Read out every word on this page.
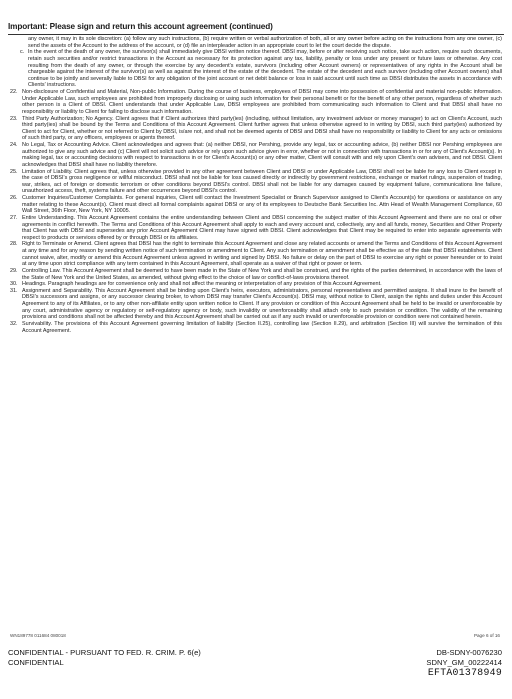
Important: Please sign and return this account agreement (continued)
any owner, it may in its sole discretion: (a) follow any such instructions, (b) require written or verbal authorization of both, all or any owner before acting on the instructions from any one owner, (c) send the assets of the Account to the address of the account, or (d) file an interpleader action in an appropriate court to let the court decide the dispute.
c. In the event of the death of any owner, the survivor(s) shall immediately give DBSI written notice thereof. DBSI may, before or after receiving such notice, take such action, require such documents, retain such securities and/or restrict transactions in the Account as necessary for its protection against any tax, liability, penalty or loss under any present or future laws or otherwise. Any cost resulting from the death of any owner, or through the exercise by any decedent's estate, survivors (including other Account owners) or representatives of any rights in the Account shall be chargeable against the interest of the survivor(s) as well as against the interest of the estate of the decedent. The estate of the decedent and each survivor (including other Account owners) shall continue to be jointly and severally liable to DBSI for any obligation of the joint account or net debit balance or loss in said account until such time as DBSI distributes the assets in accordance with Clients' instructions.
22. Non-disclosure of Confidential and Material, Non-public Information. During the course of business, employees of DBSI may come into possession of confidential and material non-public information. Under Applicable Law, such employees are prohibited from improperly disclosing or using such information for their personal benefit or for the benefit of any other person, regardless of whether such other person is a Client of DBSI. Client understands that under Applicable Law, DBSI employees are prohibited from communicating such information to Client and that DBSI shall have no responsibility or liability to Client for failing to disclose such information.
23. Third Party Authorization; No Agency. Client agrees that if Client authorizes third party(ies) (including, without limitation, any investment advisor or money manager) to act on Client's Account, such third party(ies) shall be bound by the Terms and Conditions of this Account Agreement. Client further agrees that unless otherwise agreed to in writing by DBSI, such third party(ies) authorized by Client to act for Client, whether or not referred to Client by DBSI, is/are not, and shall not be deemed agents of DBSI and DBSI shall have no responsibility or liability to Client for any acts or omissions of such third party, or any officers, employees or agents thereof.
24. No Legal, Tax or Accounting Advice. Client acknowledges and agrees that: (a) neither DBSI, nor Pershing, provide any legal, tax or accounting advice, (b) neither DBSI nor Pershing employees are authorized to give any such advice and (c) Client will not solicit such advice or rely upon such advice given in error, whether or not in connection with transactions in or for any of Client's Account(s). In making legal, tax or accounting decisions with respect to transactions in or for Client's Account(s) or any other matter, Client will consult with and rely upon Client's own advisers, and not DBSI. Client acknowledges that DBSI shall have no liability therefore.
25. Limitation of Liability. Client agrees that, unless otherwise provided in any other agreement between Client and DBSI or under Applicable Law, DBSI shall not be liable for any loss to Client except in the case of DBSI's gross negligence or willful misconduct. DBSI shall not be liable for loss caused directly or indirectly by government restrictions, exchange or market rulings, suspension of trading, war, strikes, act of foreign or domestic terrorism or other conditions beyond DBSI's control. DBSI shall not be liable for any damages caused by equipment failure, communications line failure, unauthorized access, theft, systems failure and other occurrences beyond DBSI's control.
26. Customer Inquiries/Customer Complaints. For general inquiries, Client will contact the Investment Specialist or Branch Supervisor assigned to Client's Account(s) for questions or assistance on any matter relating to these Account(s). Client must direct all formal complaints against DBSI or any of its employees to Deutsche Bank Securities Inc. Attn Head of Wealth Management Compliance, 60 Wall Street, 36th Floor, New York, NY 10005.
27. Entire Understanding. This Account Agreement contains the entire understanding between Client and DBSI concerning the subject matter of this Account Agreement and there are no oral or other agreements in conflict herewith. The Terms and Conditions of this Account Agreement shall apply to each and every account and, collectively, any and all funds, money, Securities and Other Property that Client has with DBSI and supersedes any prior Account Agreement Client may have signed with DBSI. Client acknowledges that Client may be required to enter into separate agreements with respect to products or services offered by or through DBSI or its affiliates.
28. Right to Terminate or Amend. Client agrees that DBSI has the right to terminate this Account Agreement and close any related accounts or amend the Terms and Conditions of this Account Agreement at any time and for any reason by sending written notice of such termination or amendment to Client. Any such termination or amendment shall be effective as of the date that DBSI establishes. Client cannot waive, alter, modify or amend this Account Agreement unless agreed in writing and signed by DBSI. No failure or delay on the part of DBSI to exercise any right or power hereunder or to insist at any time upon strict compliance with any term contained in this Account Agreement, shall operate as a waiver of that right or power or term.
29. Controlling Law. This Account Agreement shall be deemed to have been made in the State of New York and shall be construed, and the rights of the parties determined, in accordance with the laws of the State of New York and the United States, as amended, without giving effect to the choice of law or conflict-of-laws provisions thereof.
30. Headings. Paragraph headings are for convenience only and shall not affect the meaning or interpretation of any provision of this Account Agreement.
31. Assignment and Separability. This Account Agreement shall be binding upon Client's heirs, executors, administrators, personal representatives and permitted assigns. It shall inure to the benefit of DBSI's successors and assigns, or any successor clearing broker, to whom DBSI may transfer Client's Account(s). DBSI may, without notice to Client, assign the rights and duties under this Account Agreement to any of its Affiliates, or to any other non-affiliate entity upon written notice to Client. If any provision or condition of this Account Agreement shall be held to be invalid or unenforceable by any court, administrative agency or regulatory or self-regulatory agency or body, such invalidity or unenforceability shall attach only to such provision or condition. The validity of the remaining provisions and conditions shall not be affected thereby and this Account Agreement shall be carried out as if any such invalid or unenforceable provision or condition were not contained herein.
32. Survivability. The provisions of this Account Agreement governing limitation of liability (Section II.25), controlling law (Section II.29), and arbitration (Section III) will survive the termination of this Account Agreement.
WN189778 011684 080018	Page 6 of 16
CONFIDENTIAL - PURSUANT TO FED. R. CRIM. P. 6(e)
CONFIDENTIAL
DB-SDNY-0076230
SDNY_GM_00222414
EFTA01378949
